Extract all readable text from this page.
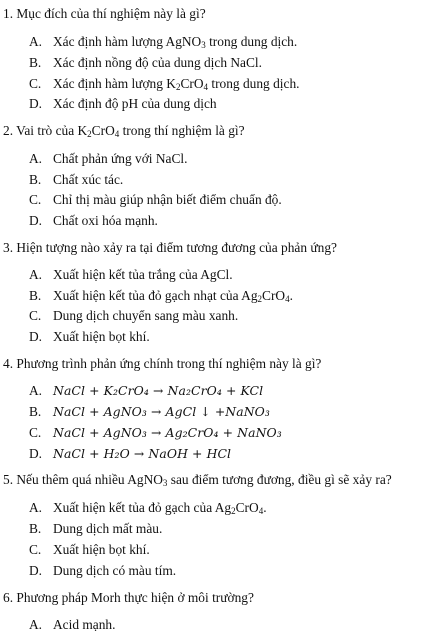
1. Mục đích của thí nghiệm này là gì?
A. Xác định hàm lượng AgNO$_3$ trong dung dịch.
B. Xác định nồng độ của dung dịch NaCl.
C. Xác định hàm lượng $K_2CrO_4$ trong dung dịch.
D. Xác định độ pH của dung dịch
2. Vai trò của $K_2CrO_4$ trong thí nghiệm là gì?
A. Chất phản ứng với NaCl.
B. Chất xúc tác.
C. Chỉ thị màu giúp nhận biết điểm chuẩn độ.
D. Chất oxi hóa mạnh.
3. Hiện tượng nào xảy ra tại điểm tương đương của phản ứng?
A. Xuất hiện kết tủa trắng của AgCl.
B. Xuất hiện kết tủa đỏ gạch nhạt của $Ag_2CrO_4$.
C. Dung dịch chuyển sang màu xanh.
D. Xuất hiện bọt khí.
4. Phương trình phản ứng chính trong thí nghiệm này là gì?
A. NaCl + K₂CrO₄ → Na₂CrO₄ + KCl
B. NaCl + AgNO₃ → AgCl ↓ +NaNO₃
C. NaCl + AgNO₃ → Ag₂CrO₄ + NaNO₃
D. NaCl + H₂O → NaOH + HCl
5. Nếu thêm quá nhiều AgNO$_3$ sau điểm tương đương, điều gì sẽ xảy ra?
A. Xuất hiện kết tủa đỏ gạch của $Ag_2CrO_4$.
B. Dung dịch mất màu.
C. Xuất hiện bọt khí.
D. Dung dịch có màu tím.
6. Phương pháp Morh thực hiện ở môi trường?
A. Acid mạnh.
